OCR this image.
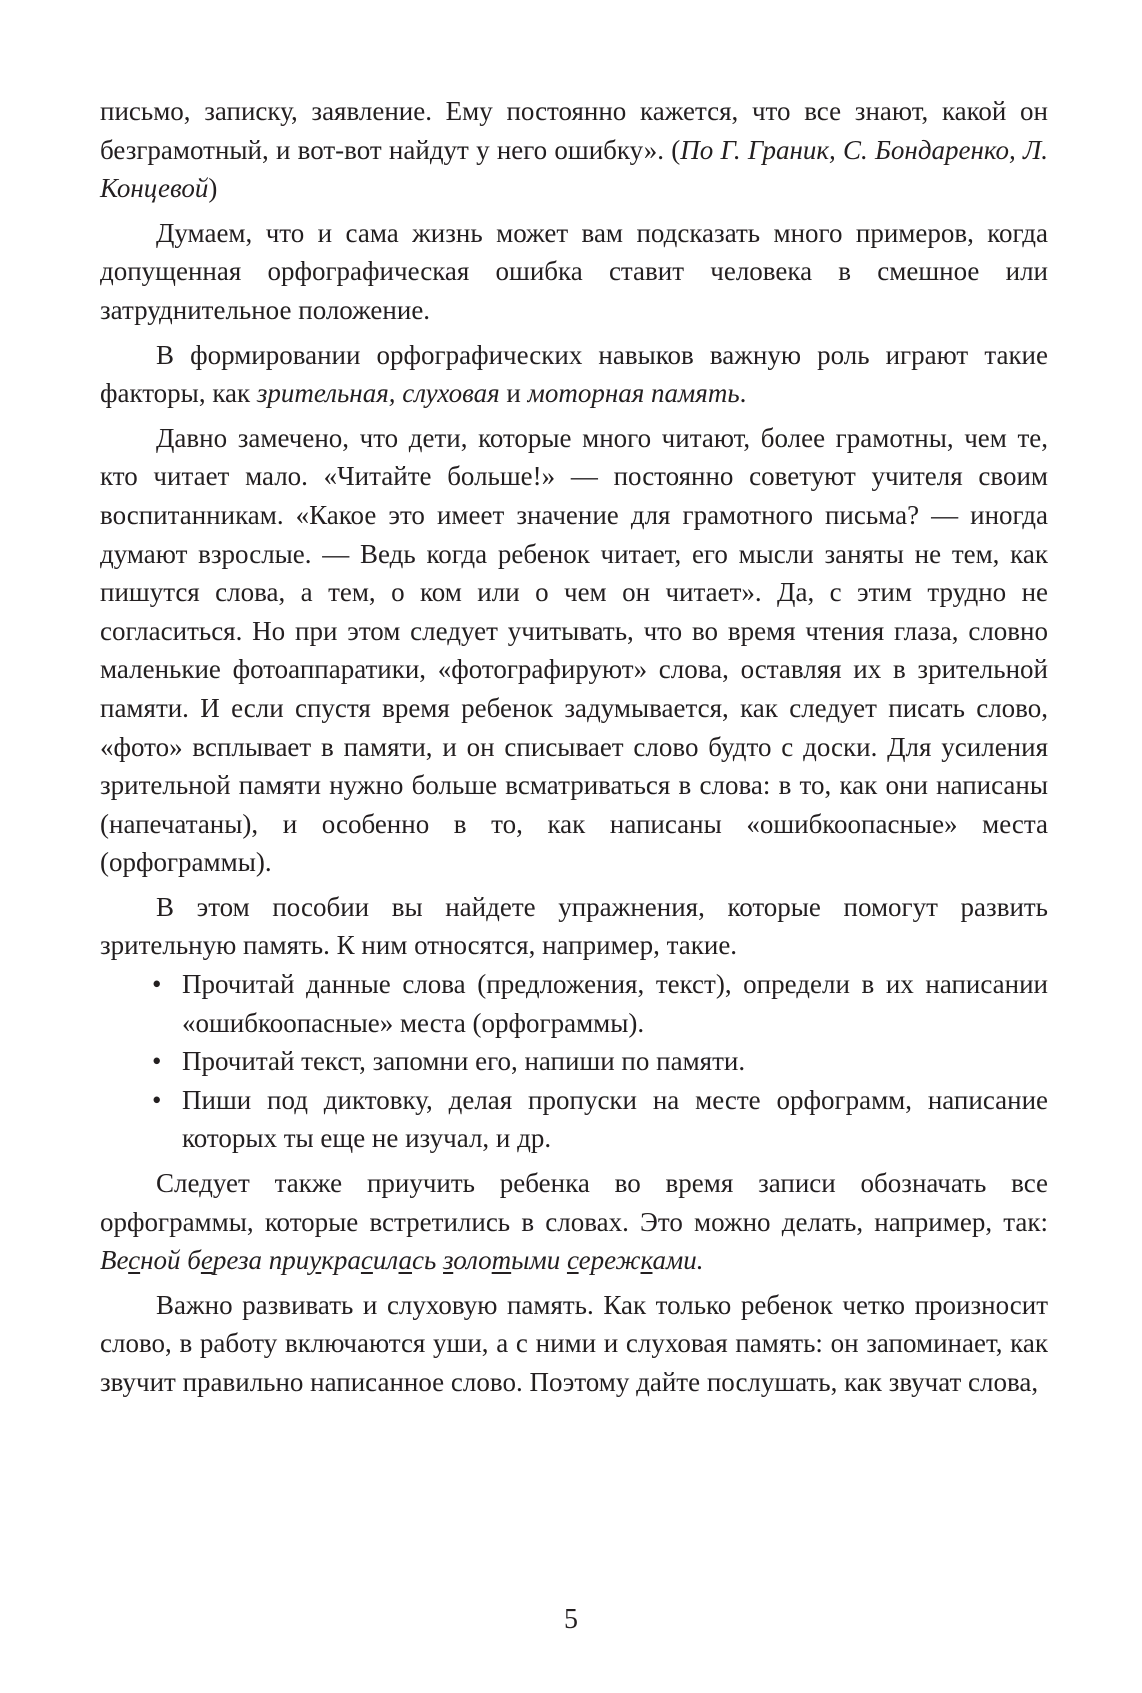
письмо, записку, заявление. Ему постоянно кажется, что все знают, какой он безграмотный, и вот-вот найдут у него ошибку». (По Г. Граник, С. Бондаренко, Л. Концевой)

Думаем, что и сама жизнь может вам подсказать много примеров, когда допущенная орфографическая ошибка ставит человека в смешное или затруднительное положение.

В формировании орфографических навыков важную роль играют такие факторы, как зрительная, слуховая и моторная память.

Давно замечено, что дети, которые много читают, более грамотны, чем те, кто читает мало. «Читайте больше!» — постоянно советуют учителя своим воспитанникам. «Какое это имеет значение для грамотного письма? — иногда думают взрослые. — Ведь когда ребенок читает, его мысли заняты не тем, как пишутся слова, а тем, о ком или о чем он читает». Да, с этим трудно не согласиться. Но при этом следует учитывать, что во время чтения глаза, словно маленькие фотоаппаратики, «фотографируют» слова, оставляя их в зрительной памяти. И если спустя время ребенок задумывается, как следует писать слово, «фото» всплывает в памяти, и он списывает слово будто с доски. Для усиления зрительной памяти нужно больше всматриваться в слова: в то, как они написаны (напечатаны), и особенно в то, как написаны «ошибкоопасные» места (орфограммы).

В этом пособии вы найдете упражнения, которые помогут развить зрительную память. К ним относятся, например, такие.

• Прочитай данные слова (предложения, текст), определи в их написании «ошибкоопасные» места (орфограммы).
• Прочитай текст, запомни его, напиши по памяти.
• Пиши под диктовку, делая пропуски на месте орфограмм, написание которых ты еще не изучал, и др.

Следует также приучить ребенка во время записи обозначать все орфограммы, которые встретились в словах. Это можно делать, например, так: Весной береза приукрасилась золотыми сережками.

Важно развивать и слуховую память. Как только ребенок четко произносит слово, в работу включаются уши, а с ними и слуховая память: он запоминает, как звучит правильно написанное слово. Поэтому дайте послушать, как звучат слова,

5
